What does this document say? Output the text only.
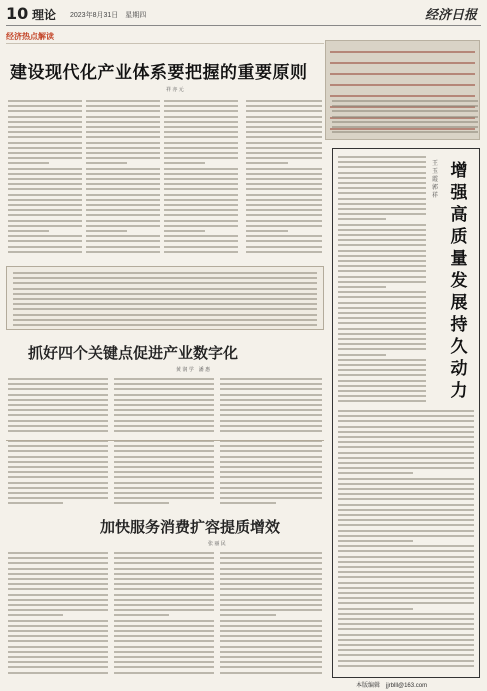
10 理论 2023年8月31日　星期四	经济日报
经济热点解读
建设现代化产业体系要把握的重要原则
祥 亦 元
抓好四个关键点促进产业数字化
黄 润 学　潘 惠
加快服务消费扩容提质增效
张 丽 民
增
强
高
质
量
发
展
持
久
动
力
王
玉
霞
郭
祥
本版编辑　jjrblll@163.com
